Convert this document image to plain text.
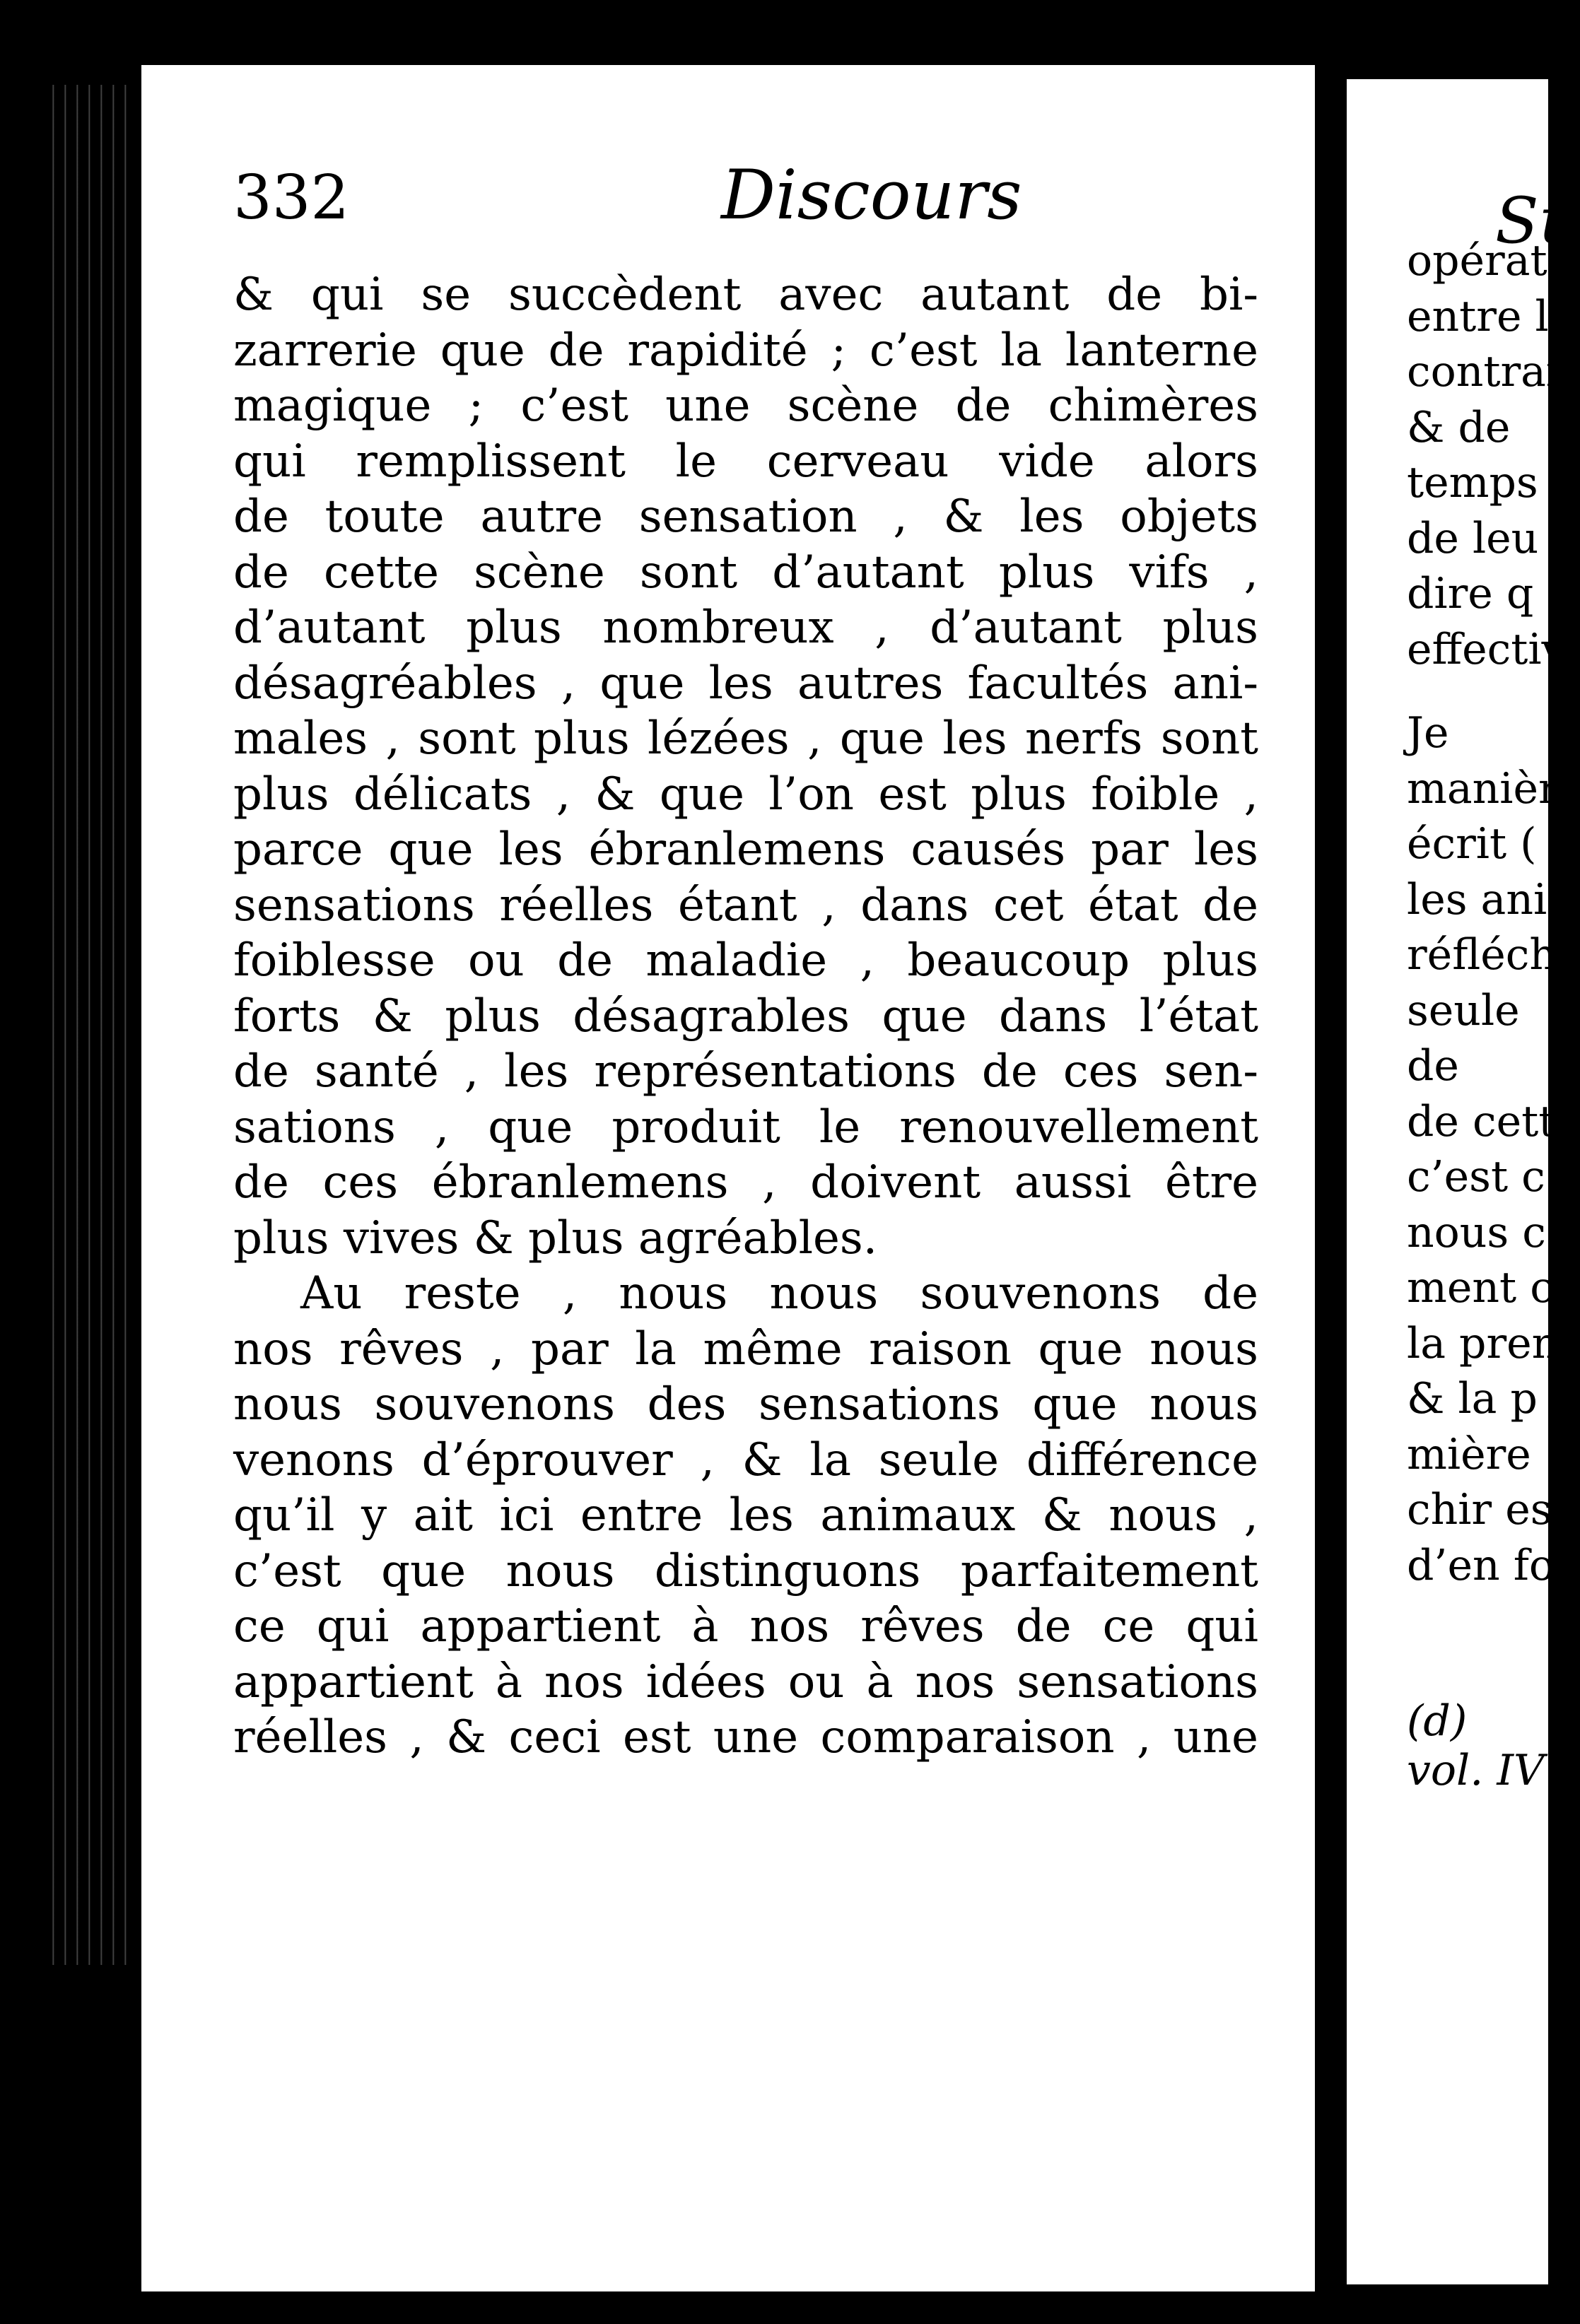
332	Discours
& qui se succèdent avec autant de bi-
zarrerie que de rapidité ; c’est la lanterne
magique ; c’est une scène de chimères
qui remplissent le cerveau vide alors
de toute autre sensation , & les objets
de cette scène sont d’autant plus vifs ,
d’autant plus nombreux , d’autant plus
désagréables , que les autres facultés ani-
males , sont plus lézées , que les nerfs sont
plus délicats , & que l’on est plus foible ,
parce que les ébranlemens causés par les
sensations réelles étant , dans cet état de
foiblesse ou de maladie , beaucoup plus
forts & plus désagrables que dans l’état
de santé , les représentations de ces sen-
sations , que produit le renouvellement
de ces ébranlemens , doivent aussi être
plus vives & plus agréables.
Au reste , nous nous souvenons de
nos rêves , par la même raison que nous
nous souvenons des sensations que nous
venons d’éprouver , & la seule différence
qu’il y ait ici entre les animaux & nous ,
c’est que nous distinguons parfaitement
ce qui appartient à nos rêves de ce qui
appartient à nos idées ou à nos sensations
réelles , & ceci est une comparaison , une
Su
opérati
entre l
contrai
& de
temps ,
de leu
dire q
effectiv
Je
manièr
écrit (
les ani
réfléch
seule
de
de cett
c’est c
nous c
ment c
la pren
& la p
mière
chir es
d’en fo
(d)
vol. IV
